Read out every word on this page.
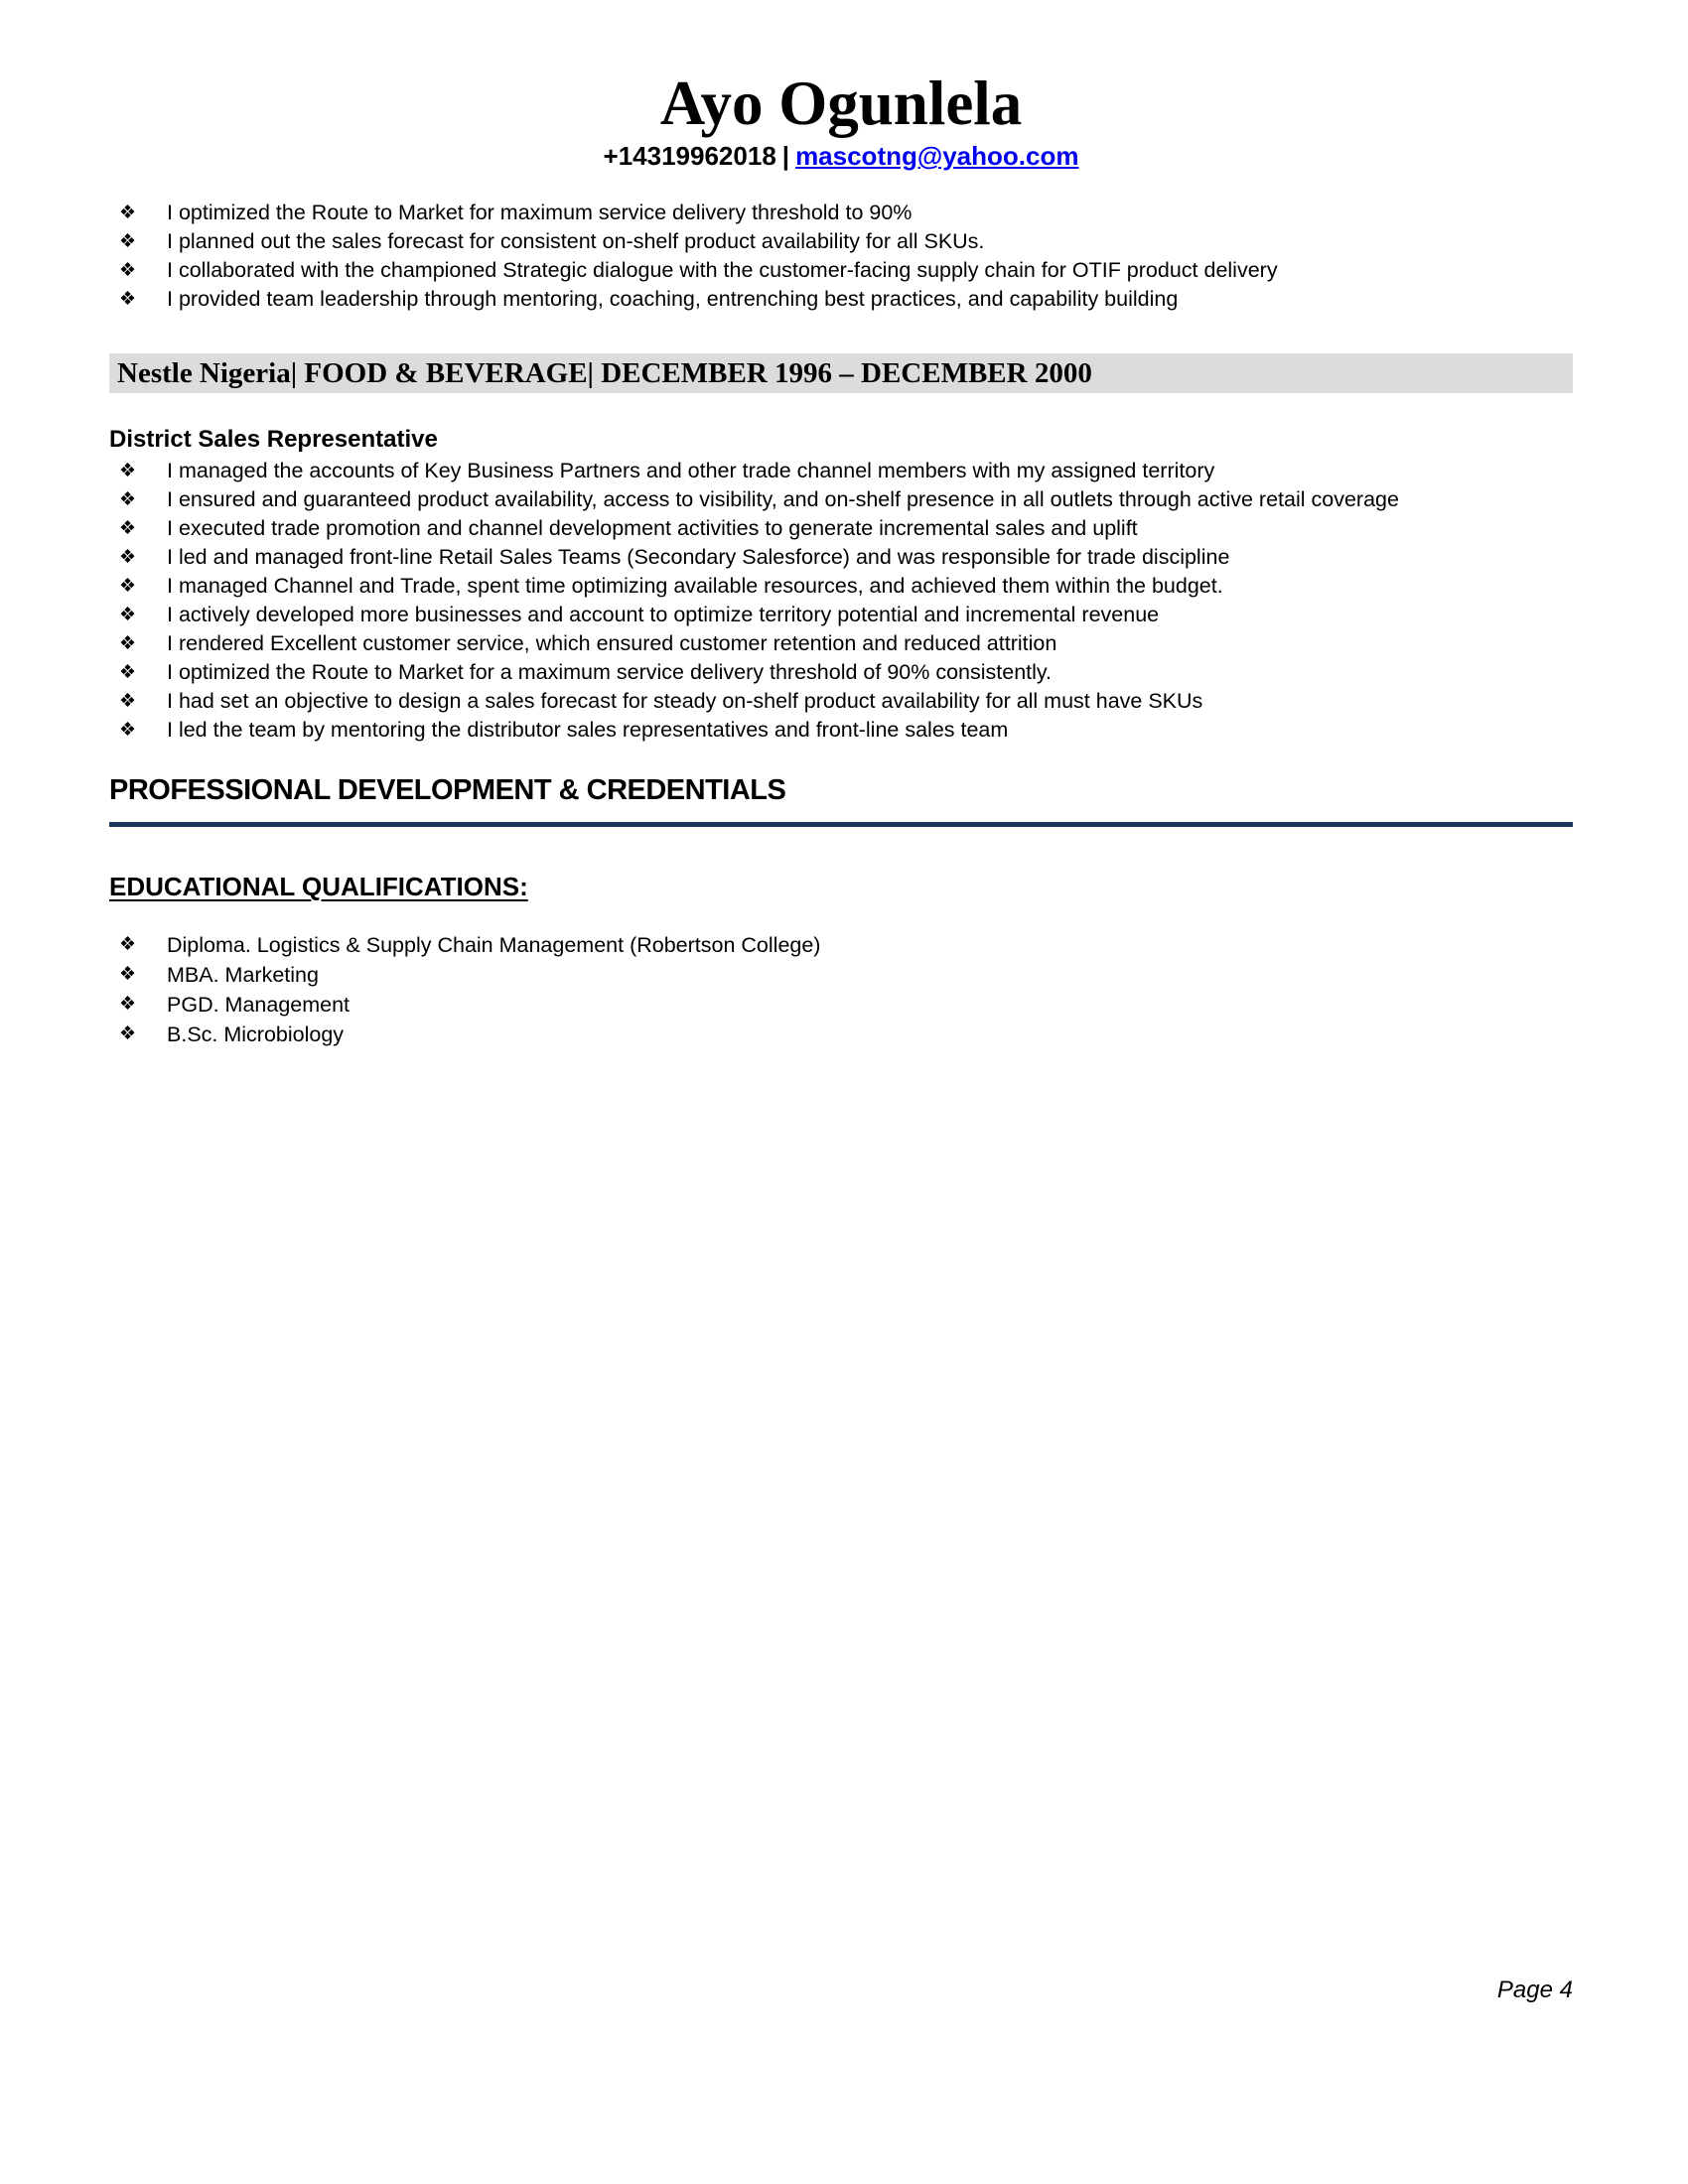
Ayo Ogunlela
+14319962018 | mascotng@yahoo.com
❖ I optimized the Route to Market for maximum service delivery threshold to 90%
❖ I planned out the sales forecast for consistent on-shelf product availability for all SKUs.
❖ I collaborated with the championed Strategic dialogue with the customer-facing supply chain for OTIF product delivery
❖ I provided team leadership through mentoring, coaching, entrenching best practices, and capability building
Nestle Nigeria| FOOD & BEVERAGE| DECEMBER 1996 – DECEMBER 2000
District Sales Representative
❖ I managed the accounts of Key Business Partners and other trade channel members with my assigned territory
❖ I ensured and guaranteed product availability, access to visibility, and on-shelf presence in all outlets through active retail coverage
❖ I executed trade promotion and channel development activities to generate incremental sales and uplift
❖ I led and managed front-line Retail Sales Teams (Secondary Salesforce) and was responsible for trade discipline
❖ I managed Channel and Trade, spent time optimizing available resources, and achieved them within the budget.
❖ I actively developed more businesses and account to optimize territory potential and incremental revenue
❖ I rendered Excellent customer service, which ensured customer retention and reduced attrition
❖ I optimized the Route to Market for a maximum service delivery threshold of 90% consistently.
❖ I had set an objective to design a sales forecast for steady on-shelf product availability for all must have SKUs
❖ I led the team by mentoring the distributor sales representatives and front-line sales team
PROFESSIONAL DEVELOPMENT & CREDENTIALS
EDUCATIONAL QUALIFICATIONS:
❖ Diploma. Logistics & Supply Chain Management (Robertson College)
❖ MBA. Marketing
❖ PGD. Management
❖ B.Sc. Microbiology
Page 4
